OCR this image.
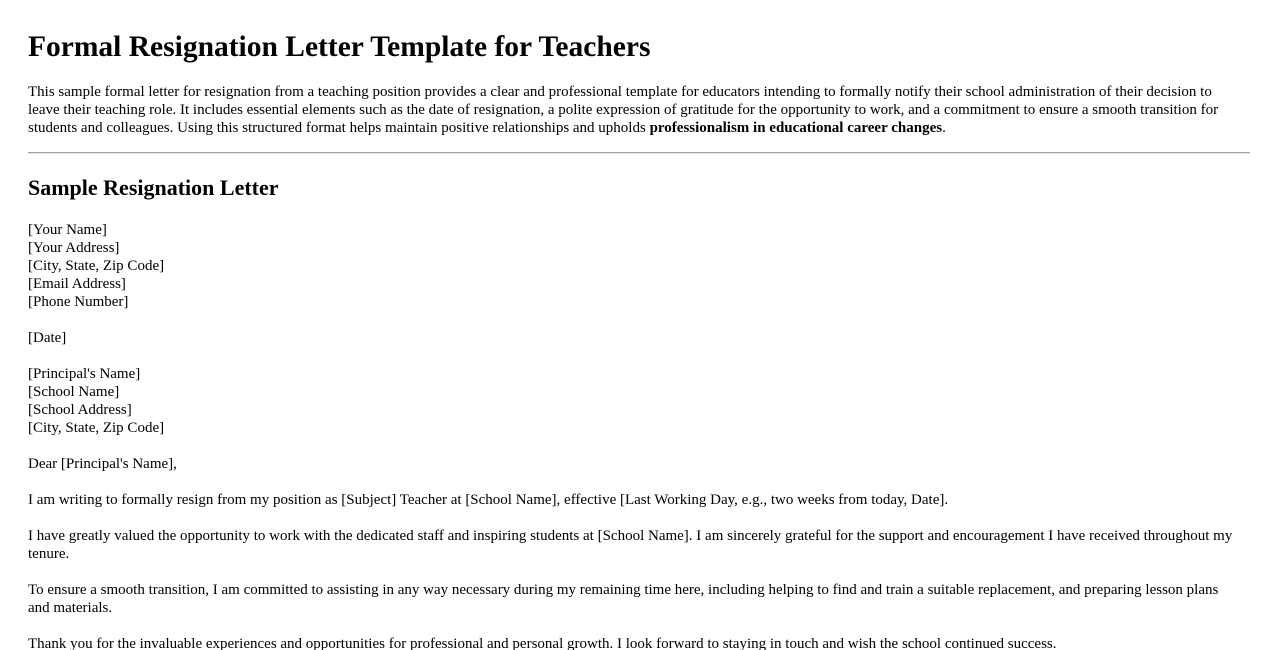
Formal Resignation Letter Template for Teachers

This sample formal letter for resignation from a teaching position provides a clear and professional template for educators intending to formally notify their school administration of their decision to leave their teaching role. It includes essential elements such as the date of resignation, a polite expression of gratitude for the opportunity to work, and a commitment to ensure a smooth transition for students and colleagues. Using this structured format helps maintain positive relationships and upholds professionalism in educational career changes.

Sample Resignation Letter
[Your Name]
[Your Address]
[City, State, Zip Code]
[Email Address]
[Phone Number]
[Date]
[Principal's Name]
[School Name]
[School Address]
[City, State, Zip Code]
Dear [Principal's Name],
I am writing to formally resign from my position as [Subject] Teacher at [School Name], effective [Last Working Day, e.g., two weeks from today, Date].
I have greatly valued the opportunity to work with the dedicated staff and inspiring students at [School Name]. I am sincerely grateful for the support and encouragement I have received throughout my tenure.
To ensure a smooth transition, I am committed to assisting in any way necessary during my remaining time here, including helping to find and train a suitable replacement, and preparing lesson plans and materials.
Thank you for the invaluable experiences and opportunities for professional and personal growth. I look forward to staying in touch and wish the school continued success.
